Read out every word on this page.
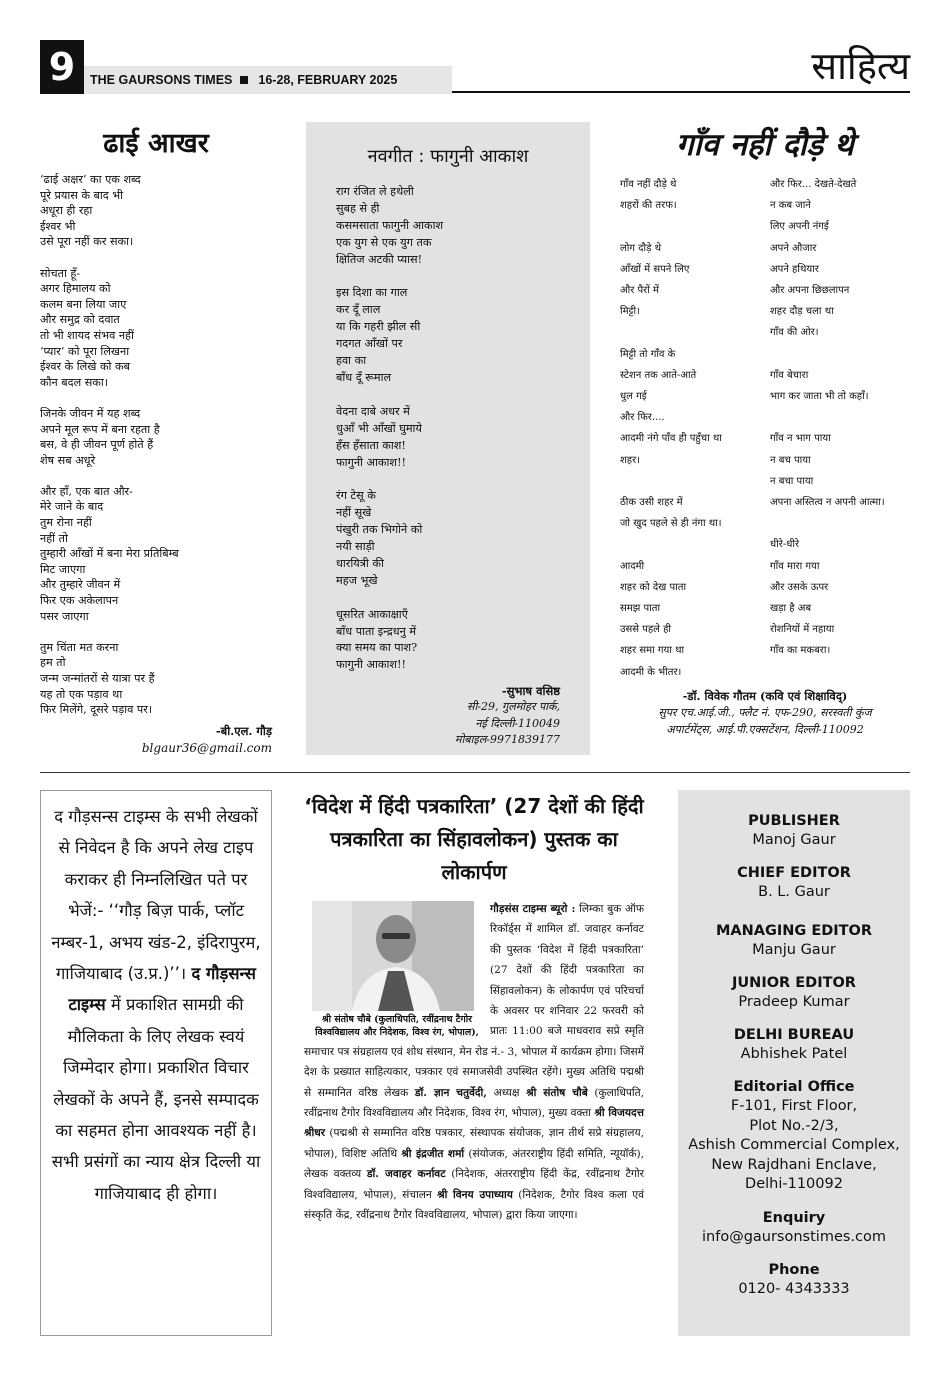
9	THE GAURSONS TIMES 16-28, FEBRUARY 2025	साहित्य
ढाई आखर
‘ढाई अक्षर’ का एक शब्द
पूरे प्रयास के बाद भी
अधूरा ही रहा
ईश्वर भी
उसे पूरा नहीं कर सका।

सोचता हूँ-
अगर हिमालय को
कलम बना लिया जाए
और समुद्र को दवात
तो भी शायद संभव नहीं
‘प्यार’ को पूरा लिखना
ईश्वर के लिखे को कब
कौन बदल सका।

जिनके जीवन में यह शब्द
अपने मूल रूप में बना रहता है
बस, वे ही जीवन पूर्ण होते हैं
शेष सब अधूरे

और हाँ, एक बात और-
मेरे जाने के बाद
तुम रोना नहीं
नहीं तो
तुम्हारी आँखों में बना मेरा प्रतिबिम्ब
मिट जाएगा
और तुम्हारे जीवन में
फिर एक अकेलापन
पसर जाएगा

तुम चिंता मत करना
हम तो
जन्म जन्मांतरों से यात्रा पर हैं
यह तो एक पड़ाव था
फिर मिलेंगे, दूसरे पड़ाव पर।
-बी.एल. गौड़
blgaur36@gmail.com
नवगीत : फागुनी आकाश
राग रंजित ले हथेली
सुबह से ही
कसमसाता फागुनी आकाश
एक युग से एक युग तक
क्षितिज अटकी प्यास!

इस दिशा का गाल
कर दूँ लाल
या कि गहरी झील सी
गदगत आँखों पर
हवा का
बाँध दूँ रूमाल

वेदना दाबे अधर में
धुआँ भी आँखों घुमाये
हँस हँसाता काश!
फागुनी आकाश!!

रंग टेसू के
नहीं सूखे
पंखुरी तक भिगोने को
नयी साड़ी
धारयित्री की
महज भूखे

धूसरित आकाक्षाएँ
बाँध पाता इन्द्रधनु में
क्या समय का पाश?
फागुनी आकाश!!
-सुभाष वसिष्ठ
सी-29, गुलमोहर पार्क,
नई दिल्ली-110049
मोबाइल-9971839177
गाँव नहीं दौड़े थे
गाँव नहीं दौड़े थे
शहरों की तरफ।

लोग दौड़े थे
आँखों में सपने लिए
और पैरों में
मिट्टी।

मिट्टी तो गाँव के
स्टेशन तक आते-आते
धुल गई
और फिर....
आदमी नंगे पाँव ही पहुँचा था
शहर।

ठीक उसी शहर में
जो खुद पहले से ही नंगा था।

आदमी
शहर को देख पाता
समझ पाता
उससे पहले ही
शहर समा गया था
आदमी के भीतर।
और फिर... देखते-देखते
न कब जाने
लिए अपनी नंगई
अपने औजार
अपने हथियार
और अपना छिछलापन
शहर दौड़ चला था
गाँव की ओर।

गाँव बेचारा
भाग कर जाता भी तो कहाँ।

गाँव न भाग पाया
न बच पाया
न बचा पाया
अपना अस्तित्व न अपनी आत्मा।

धीरे-धीरे
गाँव मारा गया
और उसके ऊपर
खड़ा है अब
रोशनियों में नहाया
गाँव का मकबरा।
-डॉ. विवेक गौतम (कवि एवं शिक्षाविद्)
सुपर एच.आई.जी., फ्लैट नं. एफ-290, सरस्वती कुंज
अपार्टमेंट्स, आई.पी.एक्सटेंशन, दिल्ली-110092

द गौड़सन्स टाइम्स के सभी लेखकों से निवेदन है कि अपने लेख टाइप कराकर ही निम्नलिखित पते पर भेजें:- ‘‘गौड़ बिज़ पार्क, प्लॉट नम्बर-1, अभय खंड-2, इंदिरापुरम, गाजियाबाद (उ.प्र.)’’। द गौड़सन्स टाइम्स में प्रकाशित सामग्री की मौलिकता के लिए लेखक स्वयं जिम्मेदार होगा। प्रकाशित विचार लेखकों के अपने हैं, इनसे सम्पादक का सहमत होना आवश्यक नहीं है। सभी प्रसंगों का न्याय क्षेत्र दिल्ली या गाजियाबाद ही होगा।

‘विदेश में हिंदी पत्रकारिता’ (27 देशों की हिंदी पत्रकारिता का सिंहावलोकन) पुस्तक का लोकार्पण
श्री संतोष चौबे (कुलाधिपति, रवींद्रनाथ टैगोर विश्वविद्यालय और निदेशक, विश्व रंग, भोपाल),
गौड़संस टाइम्स ब्यूरो : लिम्का बुक ऑफ रिकॉर्ड्स में शामिल डॉ. जवाहर कर्नावट की पुस्तक ‘विदेश में हिंदी पत्रकारिता’ (27 देशों की हिंदी पत्रकारिता का सिंहावलोकन) के लोकार्पण एवं परिचर्चा के अवसर पर शनिवार 22 फरवरी को प्रातः 11:00 बजे माधवराव सप्रे स्मृति समाचार पत्र संग्रहालय एवं शोध संस्थान, मेन रोड नं.- 3, भोपाल में कार्यक्रम होगा। जिसमें देश के प्रख्यात साहित्यकार, पत्रकार एवं समाजसेवी उपस्थित रहेंगे। मुख्य अतिथि पद्मश्री से सम्मानित वरिष्ठ लेखक डॉ. ज्ञान चतुर्वेदी, अध्यक्ष श्री संतोष चौबे (कुलाधिपति, रवींद्रनाथ टैगोर विश्वविद्यालय और निदेशक, विश्व रंग, भोपाल), मुख्य वक्ता श्री विजयदत्त श्रीधर (पद्मश्री से सम्मानित वरिष्ठ पत्रकार, संस्थापक संयोजक, ज्ञान तीर्थ सप्रे संग्रहालय, भोपाल), विशिष्ट अतिथि श्री इंद्रजीत शर्मा (संयोजक, अंतरराष्ट्रीय हिंदी समिति, न्यूयॉर्क), लेखक वक्तव्य डॉ. जवाहर कर्नावट (निदेशक, अंतरराष्ट्रीय हिंदी केंद्र, रवींद्रनाथ टैगोर विश्वविद्यालय, भोपाल), संचालन श्री विनय उपाध्याय (निदेशक, टैगोर विश्व कला एवं संस्कृति केंद्र, रवींद्रनाथ टैगोर विश्वविद्यालय, भोपाल) द्वारा किया जाएगा।
PUBLISHER
Manoj Gaur
CHIEF EDITOR
B. L. Gaur
MANAGING EDITOR
Manju Gaur
JUNIOR EDITOR
Pradeep Kumar
DELHI BUREAU
Abhishek Patel
Editorial Office
F-101, First Floor,
Plot No.-2/3,
Ashish Commercial Complex,
New Rajdhani Enclave,
Delhi-110092
Enquiry
info@gaursonstimes.com
Phone
0120- 4343333
